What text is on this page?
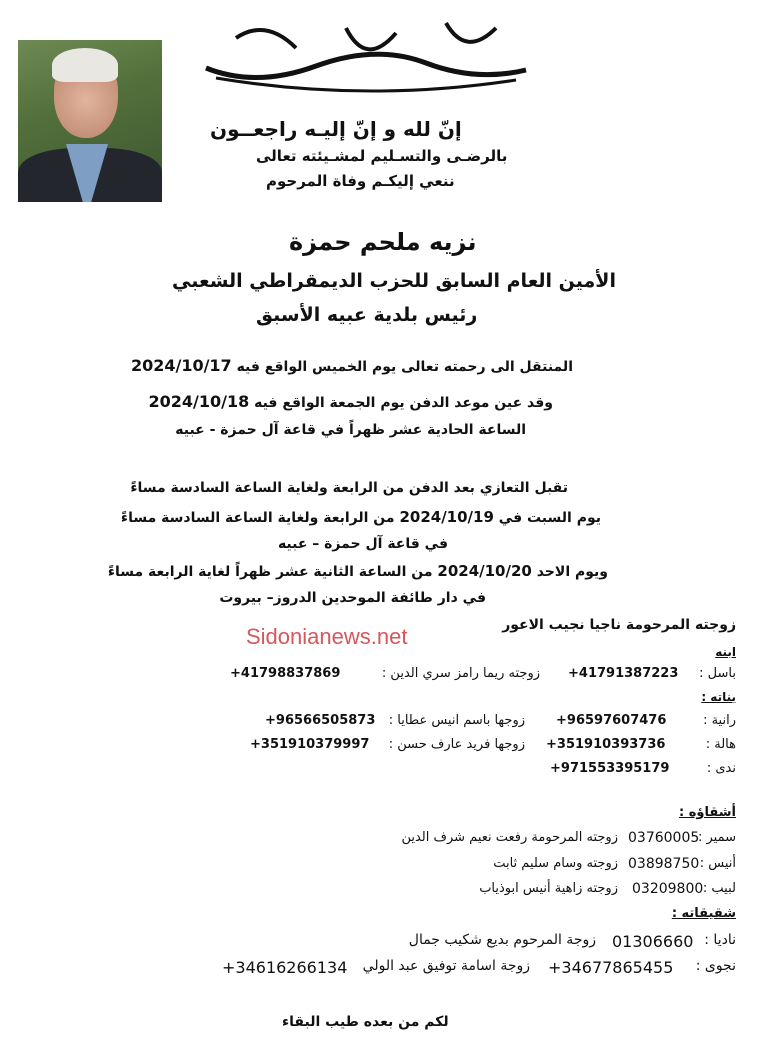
إنّ لله و إنّ إليـه راجعــون
بالرضـى والتسـليم لمشـيئته تعالى
ننعي إليكـم وفاة المرحوم
نزيه ملحم حمزة
الأمين العام السابق للحزب الديمقراطي الشعبي
رئيس بلدية عبيه الأسبق
المنتقل الى رحمته تعالى يوم الخميس الواقع فيه 2024/10/17
وقد عين موعد الدفن يوم الجمعة الواقع فيه 2024/10/18
الساعة الحادية عشر ظهراً في قاعة آل حمزة - عبيه
تقبل التعازي بعد الدفن من الرابعة ولغاية الساعة السادسة مساءً
يوم السبت في 2024/10/19 من الرابعة ولغاية الساعة السادسة مساءً
في قاعة آل حمزة – عبيه
ويوم الاحد 2024/10/20 من الساعة الثانية عشر ظهراً لغاية الرابعة مساءً
في دار طائفة الموحدين الدروز– بيروت
Sidonianews.net	زوجته المرحومة ناجيا نجيب الاعور
ابنه
باسل :
+41791387223
زوجته ريما رامز سري الدين :
+41798837869
بناته :
رانية :
+96597607476
زوجها باسم انيس عطايا :
+96566505873
هالة :
+351910393736
زوجها فريد عارف حسن :
+351910379997
ندى :
+971553395179
أشقاؤه :
سمير :
03760005
زوجته المرحومة رفعت نعيم شرف الدين
أنيس :
03898750
زوجته وسام سليم ثابت
لبيب :
03209800
زوجته زاهية أنيس ابوذياب
شقيقاته :
ناديا :
01306660
زوجة المرحوم بديع شكيب جمال
نجوى :
+34677865455
زوجة اسامة توفيق عبد الولي
+34616266134
لكم من بعده طيب البقاء
